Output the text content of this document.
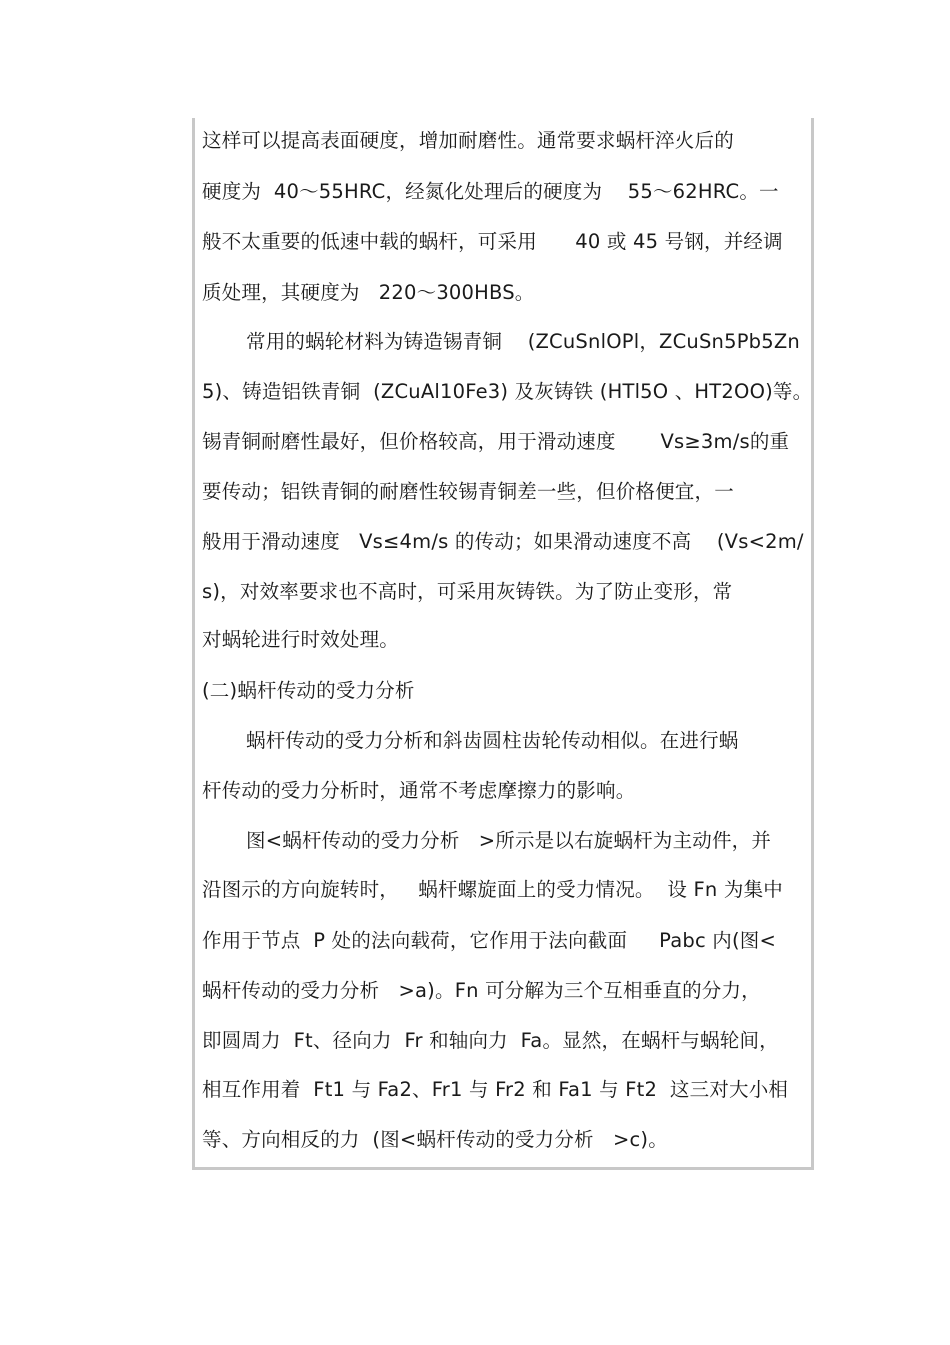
这样可以提高表面硬度，增加耐磨性。通常要求蜗杆淬火后的
硬度为  40～55HRC，经氮化处理后的硬度为    55～62HRC。一
般不太重要的低速中载的蜗杆，可采用      40 或 45 号钢，并经调
质处理，其硬度为   220～300HBS。
常用的蜗轮材料为铸造锡青铜    (ZCuSnlOPl，ZCuSn5Pb5Zn
5)、铸造铝铁青铜  (ZCuAl10Fe3) 及灰铸铁 (HTl5O 、HT2OO)等。
锡青铜耐磨性最好，但价格较高，用于滑动速度       Vs≥3m/s的重
要传动；铝铁青铜的耐磨性较锡青铜差一些，但价格便宜，一
般用于滑动速度   Vs≤4m/s 的传动；如果滑动速度不高    (Vs<2m/
s)，对效率要求也不高时，可采用灰铸铁。为了防止变形，常
对蜗轮进行时效处理。
(二)蜗杆传动的受力分析
蜗杆传动的受力分析和斜齿圆柱齿轮传动相似。在进行蜗
杆传动的受力分析时，通常不考虑摩擦力的影响。
图<蜗杆传动的受力分析   >所示是以右旋蜗杆为主动件，并
沿图示的方向旋转时，   蜗杆螺旋面上的受力情况。  设 Fn 为集中
作用于节点  P 处的法向载荷，它作用于法向截面     Pabc 内(图<
蜗杆传动的受力分析   >a)。Fn 可分解为三个互相垂直的分力，
即圆周力  Ft、径向力  Fr 和轴向力  Fa。显然，在蜗杆与蜗轮间，
相互作用着  Ft1 与 Fa2、Fr1 与 Fr2 和 Fa1 与 Ft2  这三对大小相
等、方向相反的力  (图<蜗杆传动的受力分析   >c)。
